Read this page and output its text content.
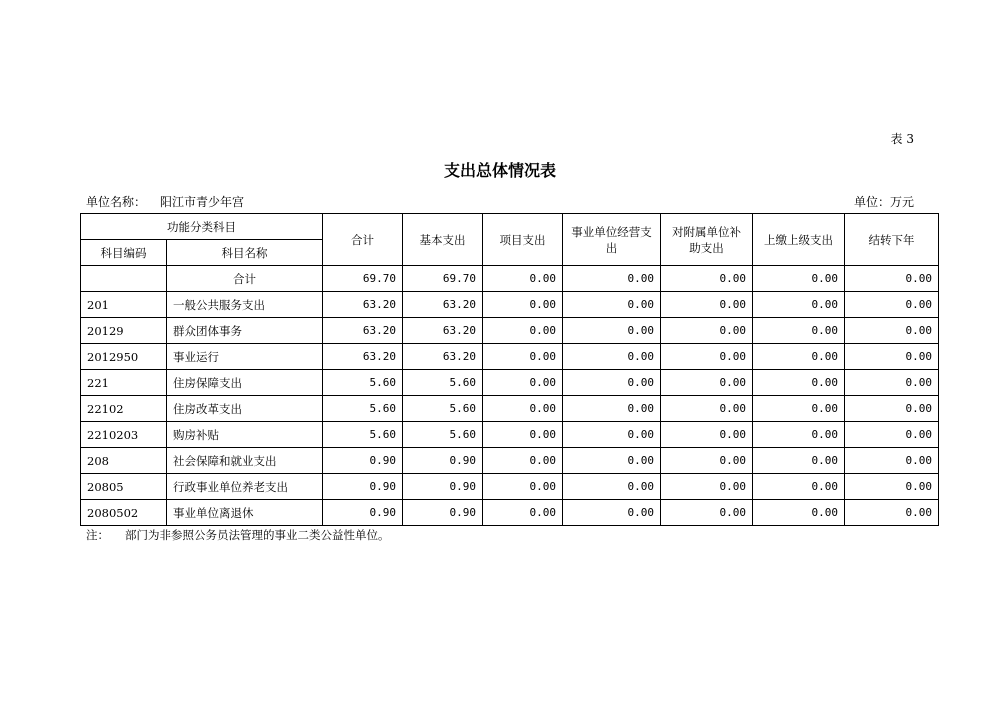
表 3
支出总体情况表
单位名称： 阳江市青少年宫	单位：万元
功能分类科目		合计	基本支出	项目支出	事业单位经营支出	对附属单位补助支出	上缴上级支出	结转下年
科目编码	科目名称							
	合计	69.70	69.70	0.00	0.00	0.00	0.00	0.00
201	一般公共服务支出	63.20	63.20	0.00	0.00	0.00	0.00	0.00
20129	群众团体事务	63.20	63.20	0.00	0.00	0.00	0.00	0.00
2012950	事业运行	63.20	63.20	0.00	0.00	0.00	0.00	0.00
221	住房保障支出	5.60	5.60	0.00	0.00	0.00	0.00	0.00
22102	住房改革支出	5.60	5.60	0.00	0.00	0.00	0.00	0.00
2210203	购房补贴	5.60	5.60	0.00	0.00	0.00	0.00	0.00
208	社会保障和就业支出	0.90	0.90	0.00	0.00	0.00	0.00	0.00
20805	行政事业单位养老支出	0.90	0.90	0.00	0.00	0.00	0.00	0.00
2080502	事业单位离退休	0.90	0.90	0.00	0.00	0.00	0.00	0.00
注： 部门为非参照公务员法管理的事业二类公益性单位。
